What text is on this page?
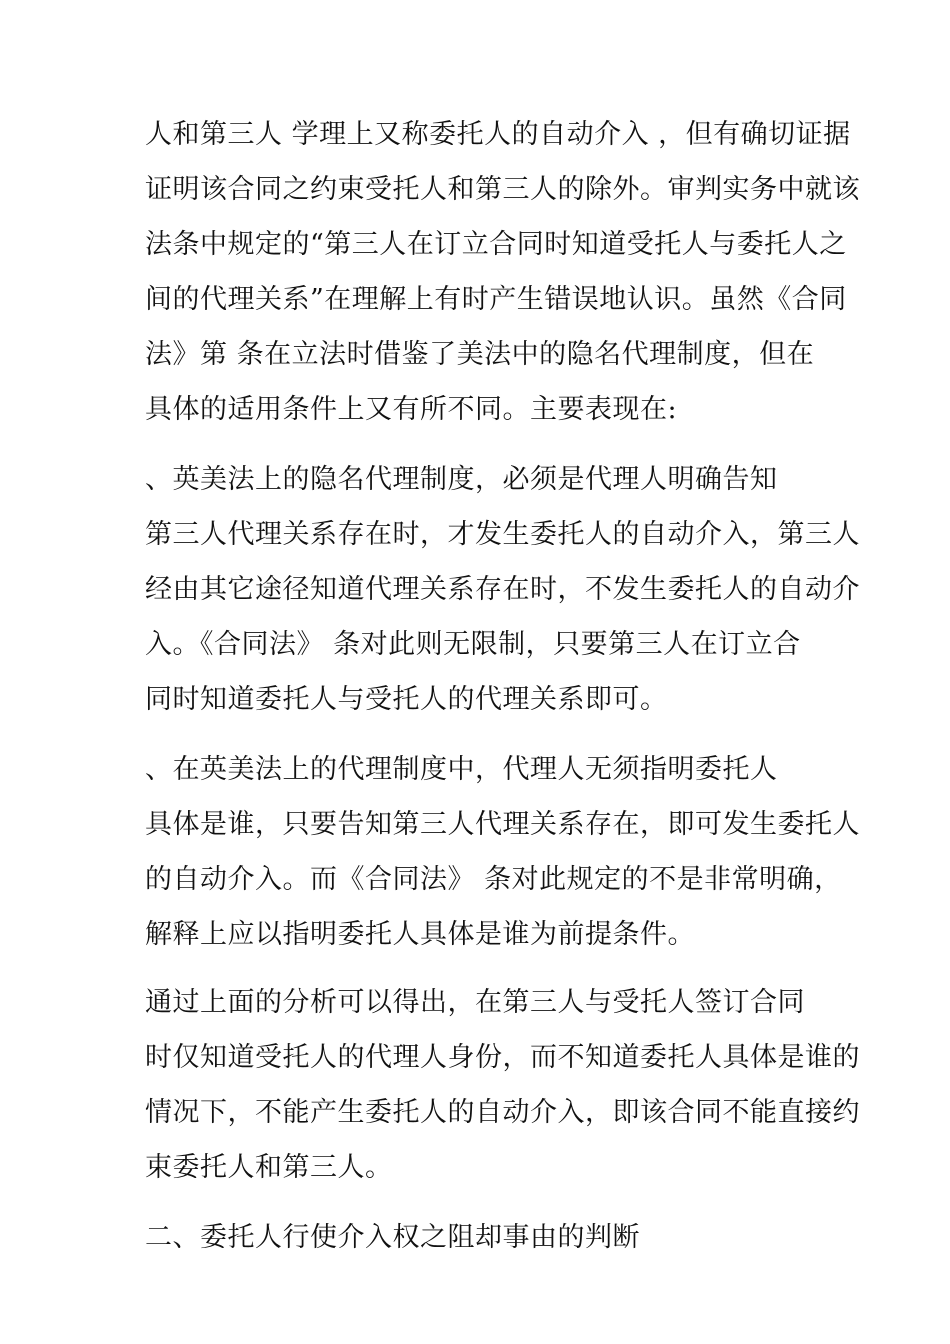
人和第三人 学理上又称委托人的自动介入 ，但有确切证据
证明该合同之约束受托人和第三人的除外。审判实务中就该
法条中规定的“第三人在订立合同时知道受托人与委托人之
间的代理关系”在理解上有时产生错误地认识。虽然《合同
法》第 条在立法时借鉴了美法中的隐名代理制度，但在
具体的适用条件上又有所不同。主要表现在:
、英美法上的隐名代理制度，必须是代理人明确告知
第三人代理关系存在时，才发生委托人的自动介入，第三人
经由其它途径知道代理关系存在时，不发生委托人的自动介
入。《合同法》 条对此则无限制，只要第三人在订立合
同时知道委托人与受托人的代理关系即可。
、在英美法上的代理制度中，代理人无须指明委托人
具体是谁，只要告知第三人代理关系存在，即可发生委托人
的自动介入。而《合同法》 条对此规定的不是非常明确，
解释上应以指明委托人具体是谁为前提条件。
通过上面的分析可以得出，在第三人与受托人签订合同
时仅知道受托人的代理人身份，而不知道委托人具体是谁的
情况下，不能产生委托人的自动介入，即该合同不能直接约
束委托人和第三人。
二、委托人行使介入权之阻却事由的判断
